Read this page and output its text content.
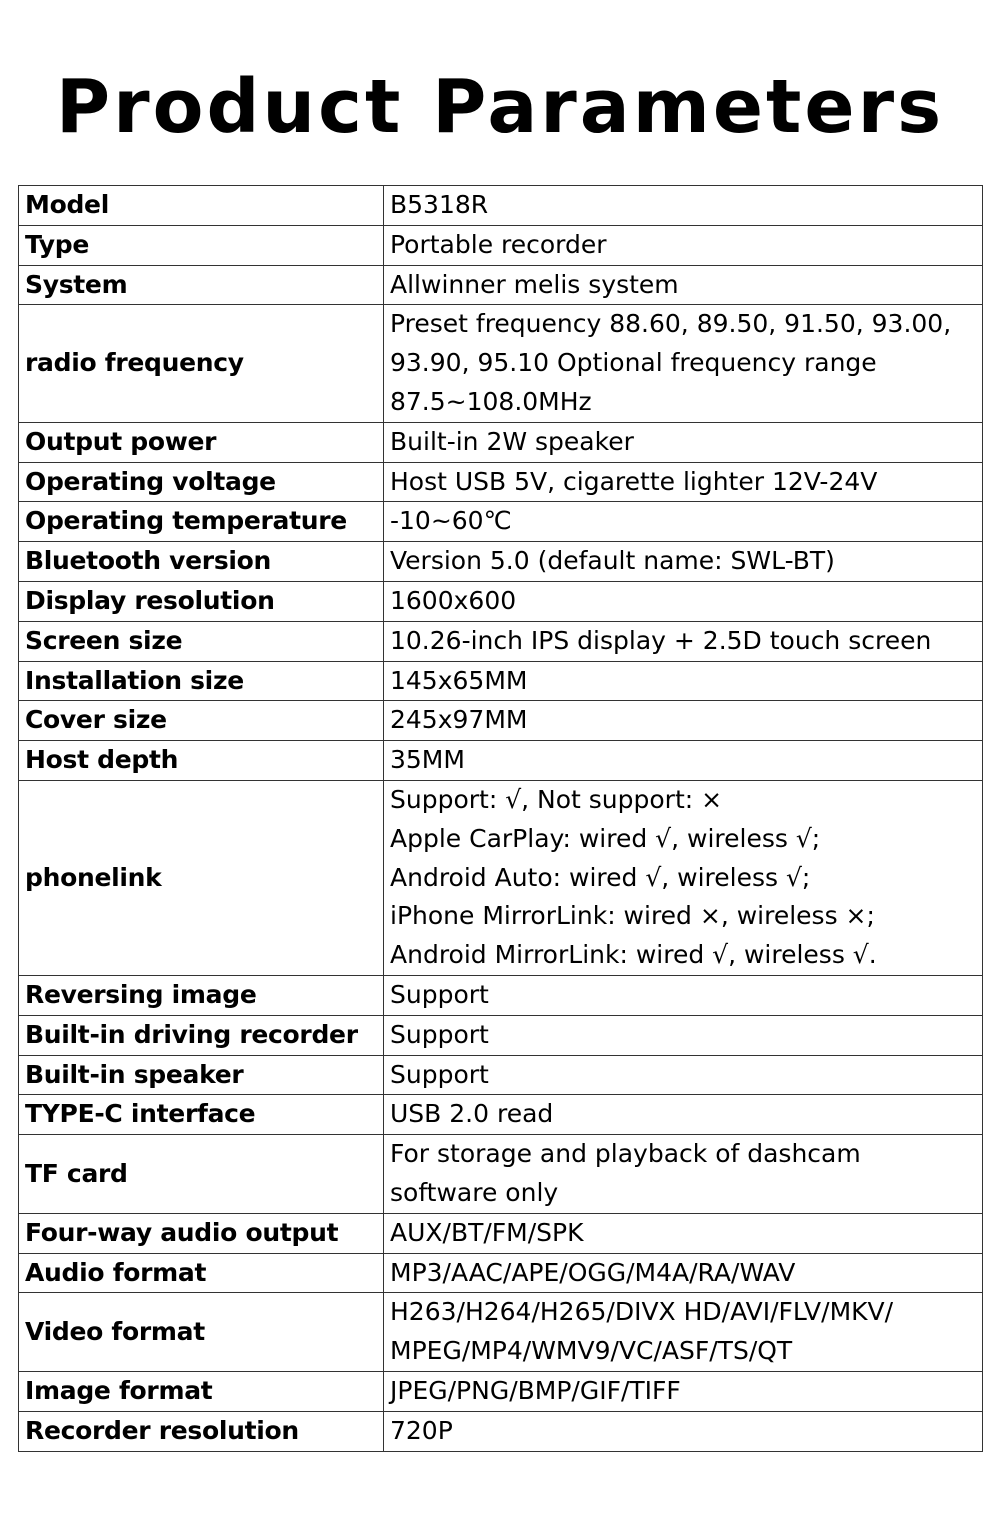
Product Parameters
Model	B5318R
Type	Portable recorder
System	Allwinner melis system
radio frequency	Preset frequency 88.60, 89.50, 91.50, 93.00,
93.90, 95.10 Optional frequency range
87.5~108.0MHz
Output power	Built-in 2W speaker
Operating voltage	Host USB 5V, cigarette lighter 12V-24V
Operating temperature	-10~60℃
Bluetooth version	Version 5.0 (default name: SWL-BT)
Display resolution	1600x600
Screen size	10.26-inch IPS display + 2.5D touch screen
Installation size	145x65MM
Cover size	245x97MM
Host depth	35MM
phonelink	Support: √, Not support: ×
Apple CarPlay: wired √, wireless √;
Android Auto: wired √, wireless √;
iPhone MirrorLink: wired ×, wireless ×;
Android MirrorLink: wired √, wireless √.
Reversing image	Support
Built-in driving recorder	Support
Built-in speaker	Support
TYPE-C interface	USB 2.0 read
TF card	For storage and playback of dashcam
software only
Four-way audio output	AUX/BT/FM/SPK
Audio format	MP3/AAC/APE/OGG/M4A/RA/WAV
Video format	H263/H264/H265/DIVX HD/AVI/FLV/MKV/
MPEG/MP4/WMV9/VC/ASF/TS/QT
Image format	JPEG/PNG/BMP/GIF/TIFF
Recorder resolution	720P
